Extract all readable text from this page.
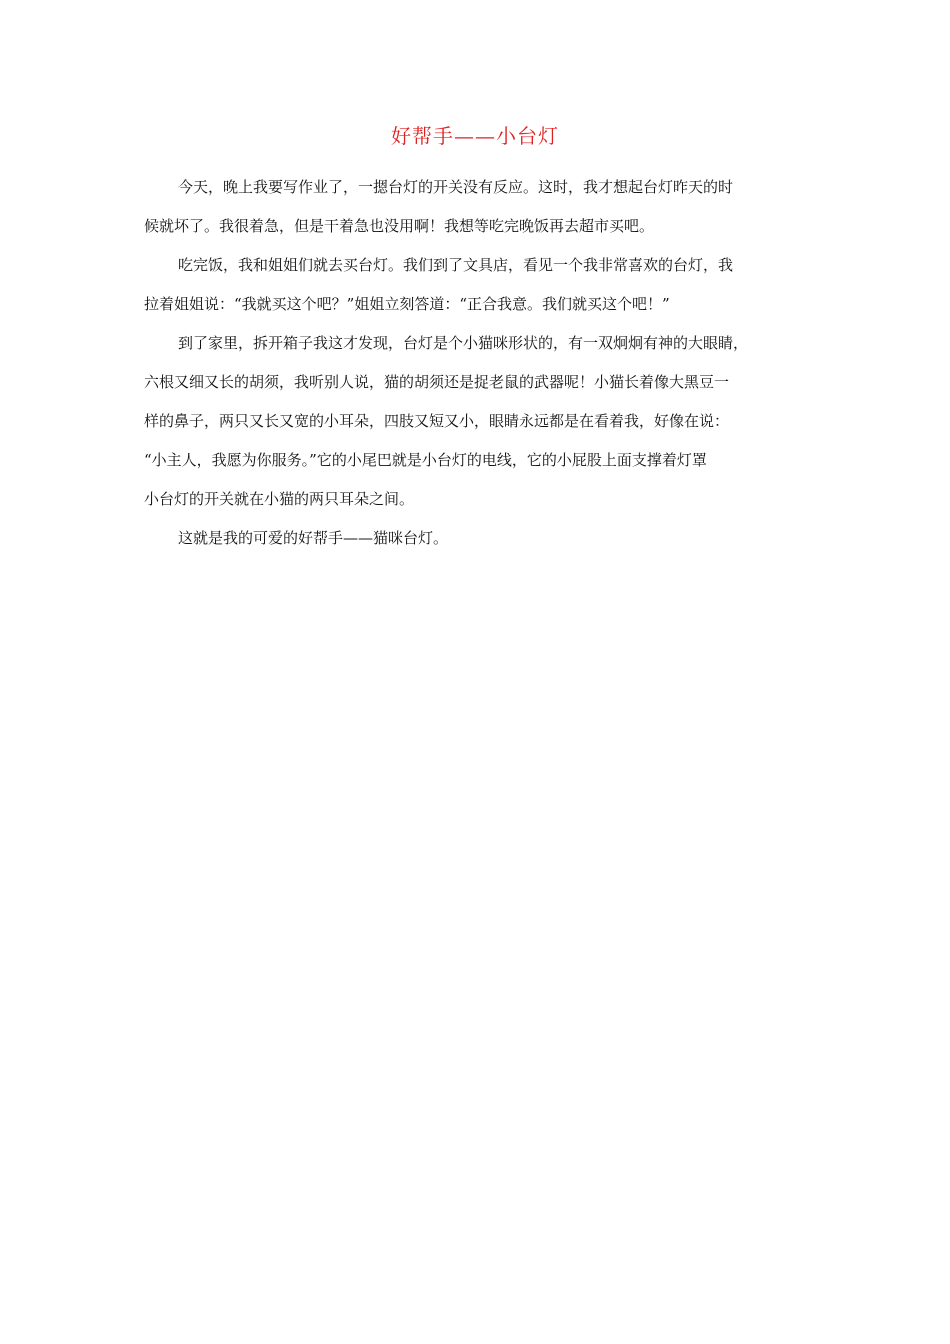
好帮手——小台灯
今天，晚上我要写作业了，一摁台灯的开关没有反应。这时，我才想起台灯昨天的时
候就坏了。我很着急，但是干着急也没用啊！我想等吃完晚饭再去超市买吧。
吃完饭，我和姐姐们就去买台灯。我们到了文具店，看见一个我非常喜欢的台灯，我
拉着姐姐说：“我就买这个吧？”姐姐立刻答道：“正合我意。我们就买这个吧！”
到了家里，拆开箱子我这才发现，台灯是个小猫咪形状的，有一双炯炯有神的大眼睛，
六根又细又长的胡须，我听别人说，猫的胡须还是捉老鼠的武器呢！小猫长着像大黑豆一
样的鼻子，两只又长又宽的小耳朵，四肢又短又小，眼睛永远都是在看着我，好像在说：
“小主人，我愿为你服务。”它的小尾巴就是小台灯的电线，它的小屁股上面支撑着灯罩
小台灯的开关就在小猫的两只耳朵之间。
这就是我的可爱的好帮手——猫咪台灯。
